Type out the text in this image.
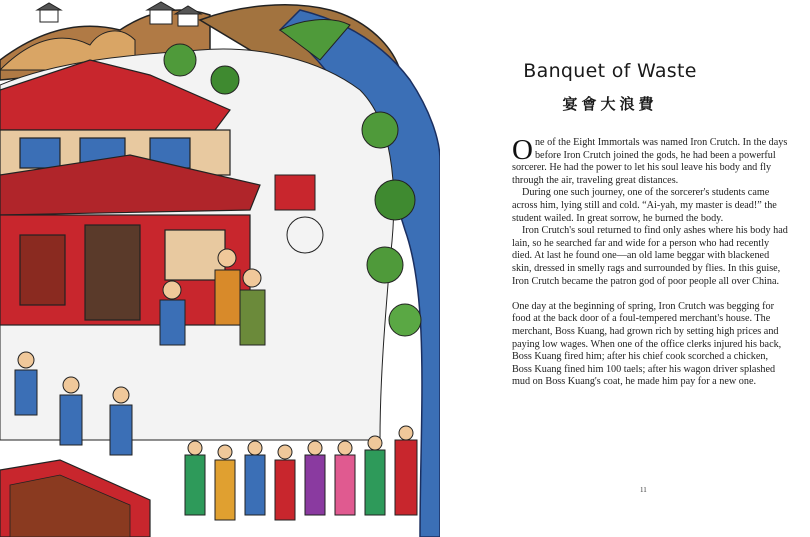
Banquet of Waste
宴會大浪費

One of the Eight Immortals was named Iron Crutch. In the days before Iron Crutch joined the gods, he had been a powerful sorcerer. He had the power to let his soul leave his body and fly through the air, traveling great distances.

During one such journey, one of the sorcerer's students came across him, lying still and cold. “Ai-yah, my master is dead!” the student wailed. In great sorrow, he burned the body.

Iron Crutch's soul returned to find only ashes where his body had lain, so he searched far and wide for a person who had recently died. At last he found one—an old lame beggar with blackened skin, dressed in smelly rags and surrounded by flies. In this guise, Iron Crutch became the patron god of poor people all over China.

One day at the beginning of spring, Iron Crutch was begging for food at the back door of a foul-tempered merchant's house. The merchant, Boss Kuang, had grown rich by setting high prices and paying low wages. When one of the office clerks injured his back, Boss Kuang fired him; after his chief cook scorched a chicken, Boss Kuang fined him 100 taels; after his wagon driver splashed mud on Boss Kuang's coat, he made him pay for a new one.

11
